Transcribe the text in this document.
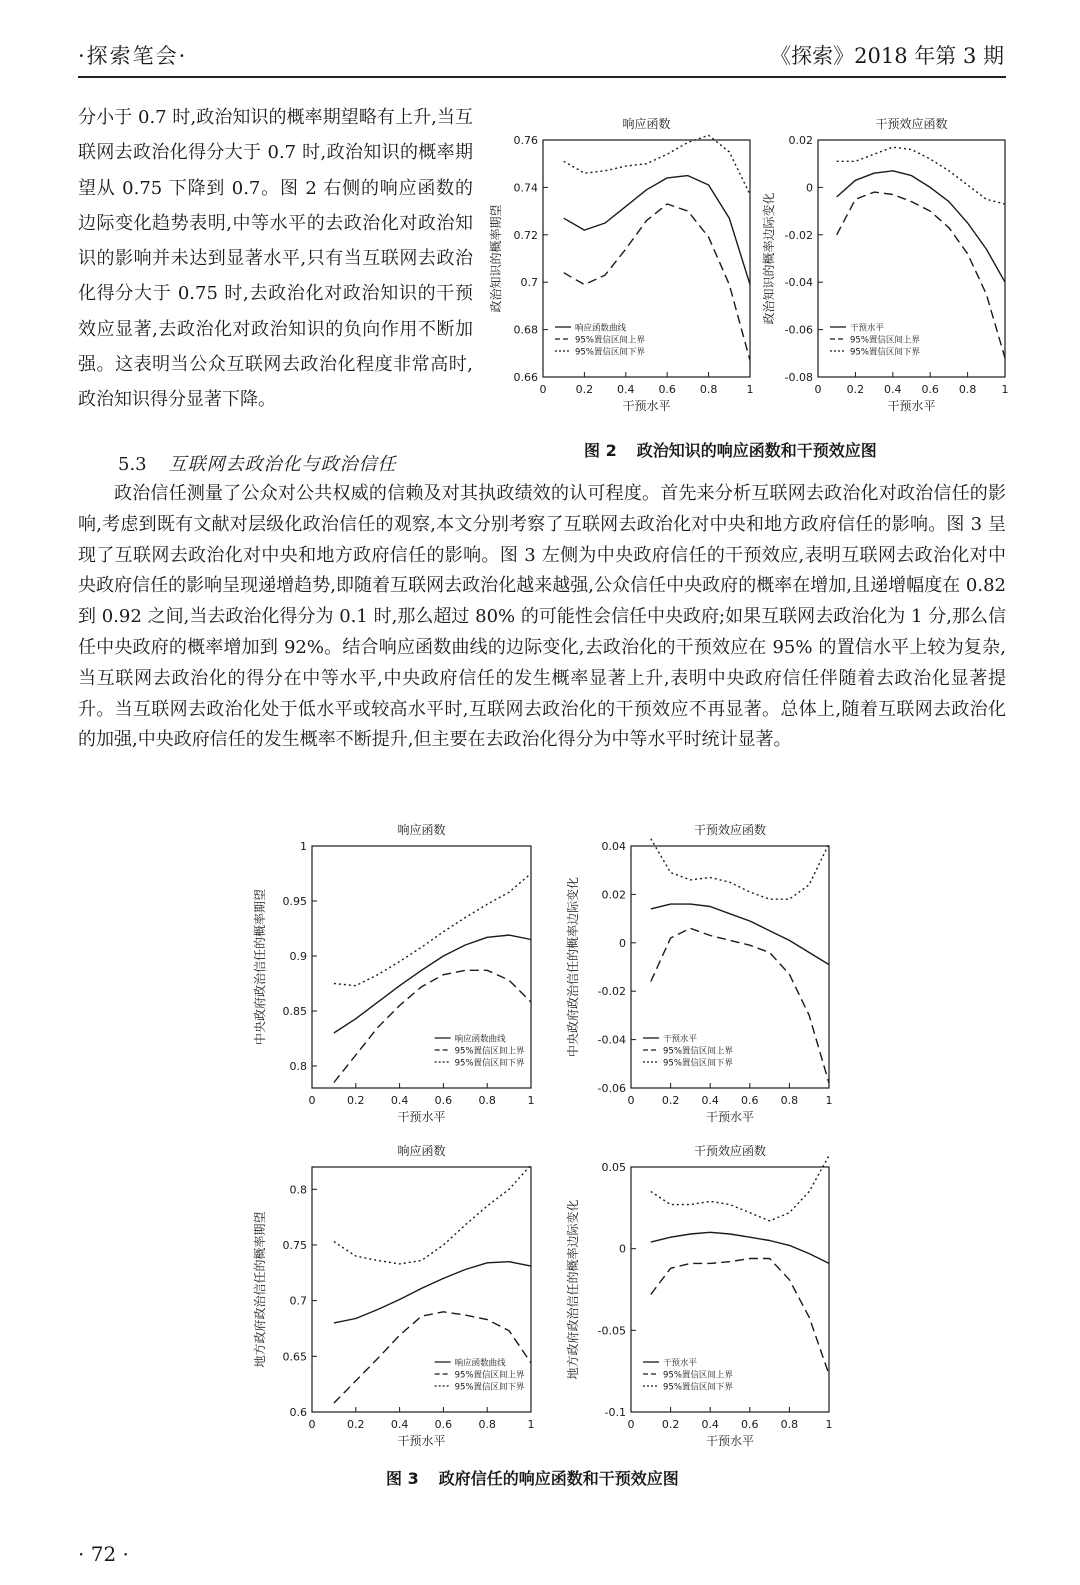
·探索笔会·	《探索》2018 年第 3 期
分小于 0.7 时,政治知识的概率期望略有上升,当互联网去政治化得分大于 0.7 时,政治知识的概率期望从 0.75 下降到 0.7。图 2 右侧的响应函数的边际变化趋势表明,中等水平的去政治化对政治知识的影响并未达到显著水平,只有当互联网去政治化得分大于 0.75 时,去政治化对政治知识的干预效应显著,去政治化对政治知识的负向作用不断加强。这表明当公众互联网去政治化程度非常高时,政治知识得分显著下降。
5.3 互联网去政治化与政治信任
政治信任测量了公众对公共权威的信赖及对其执政绩效的认可程度。首先来分析互联网去政治化对政治信任的影响,考虑到既有文献对层级化政治信任的观察,本文分别考察了互联网去政治化对中央和地方政府信任的影响。图 3 呈现了互联网去政治化对中央和地方政府信任的影响。图 3 左侧为中央政府信任的干预效应,表明互联网去政治化对中央政府信任的影响呈现递增趋势,即随着互联网去政治化越来越强,公众信任中央政府的概率在增加,且递增幅度在 0.82 到 0.92 之间,当去政治化得分为 0.1 时,那么超过 80% 的可能性会信任中央政府;如果互联网去政治化为 1 分,那么信任中央政府的概率增加到 92%。结合响应函数曲线的边际变化,去政治化的干预效应在 95% 的置信水平上较为复杂,当互联网去政治化的得分在中等水平,中央政府信任的发生概率显著上升,表明中央政府信任伴随着去政治化显著提升。当互联网去政治化处于低水平或较高水平时,互联网去政治化的干预效应不再显著。总体上,随着互联网去政治化的加强,中央政府信任的发生概率不断提升,但主要在去政治化得分为中等水平时统计显著。
图 2 政治知识的响应函数和干预效应图
图 3 政府信任的响应函数和干预效应图
· 72 ·
响应函数
0	0.2 0.4 0.6 0.8	1
0.66
0.68
0.7
0.72
0.74
0.76
干预水平
政治知识的概率期望
响应函数曲线
95%置信区间上界
95%置信区间下界
干预效应函数
0 0.2 0.4 0.6 0.8 1
-0.08
-0.06
-0.04
-0.02
0
0.02
干预水平
政治知识的概率边际变化
干预水平
95%置信区间上界
95%置信区间下界
响应函数
0	0.2 0.4 0.6 0.8	1
0.8
0.85
0.9
0.95
1
干预水平
中央政府政治信任的概率期望	响应函数曲线
95%置信区间上界
95%置信区间下界
干预效应函数
0 0.2 0.4 0.6 0.8 1
-0.06
-0.04
-0.02
0
0.02
0.04
干预水平
中央政府政治信任的概率边际变化	干预水平
95%置信区间上界
95%置信区间下界
响应函数
0	0.2 0.4 0.6 0.8	1
0.6
0.65
0.7
0.75
0.8
干预水平
地方政府政治信任的概率期望	响应函数曲线
95%置信区间上界
95%置信区间下界
干预效应函数
0 0.2 0.4 0.6 0.8 1
-0.1
-0.05
0
0.05
干预水平
地方政府政治信任的概率边际变化	干预水平
95%置信区间上界
95%置信区间下界
